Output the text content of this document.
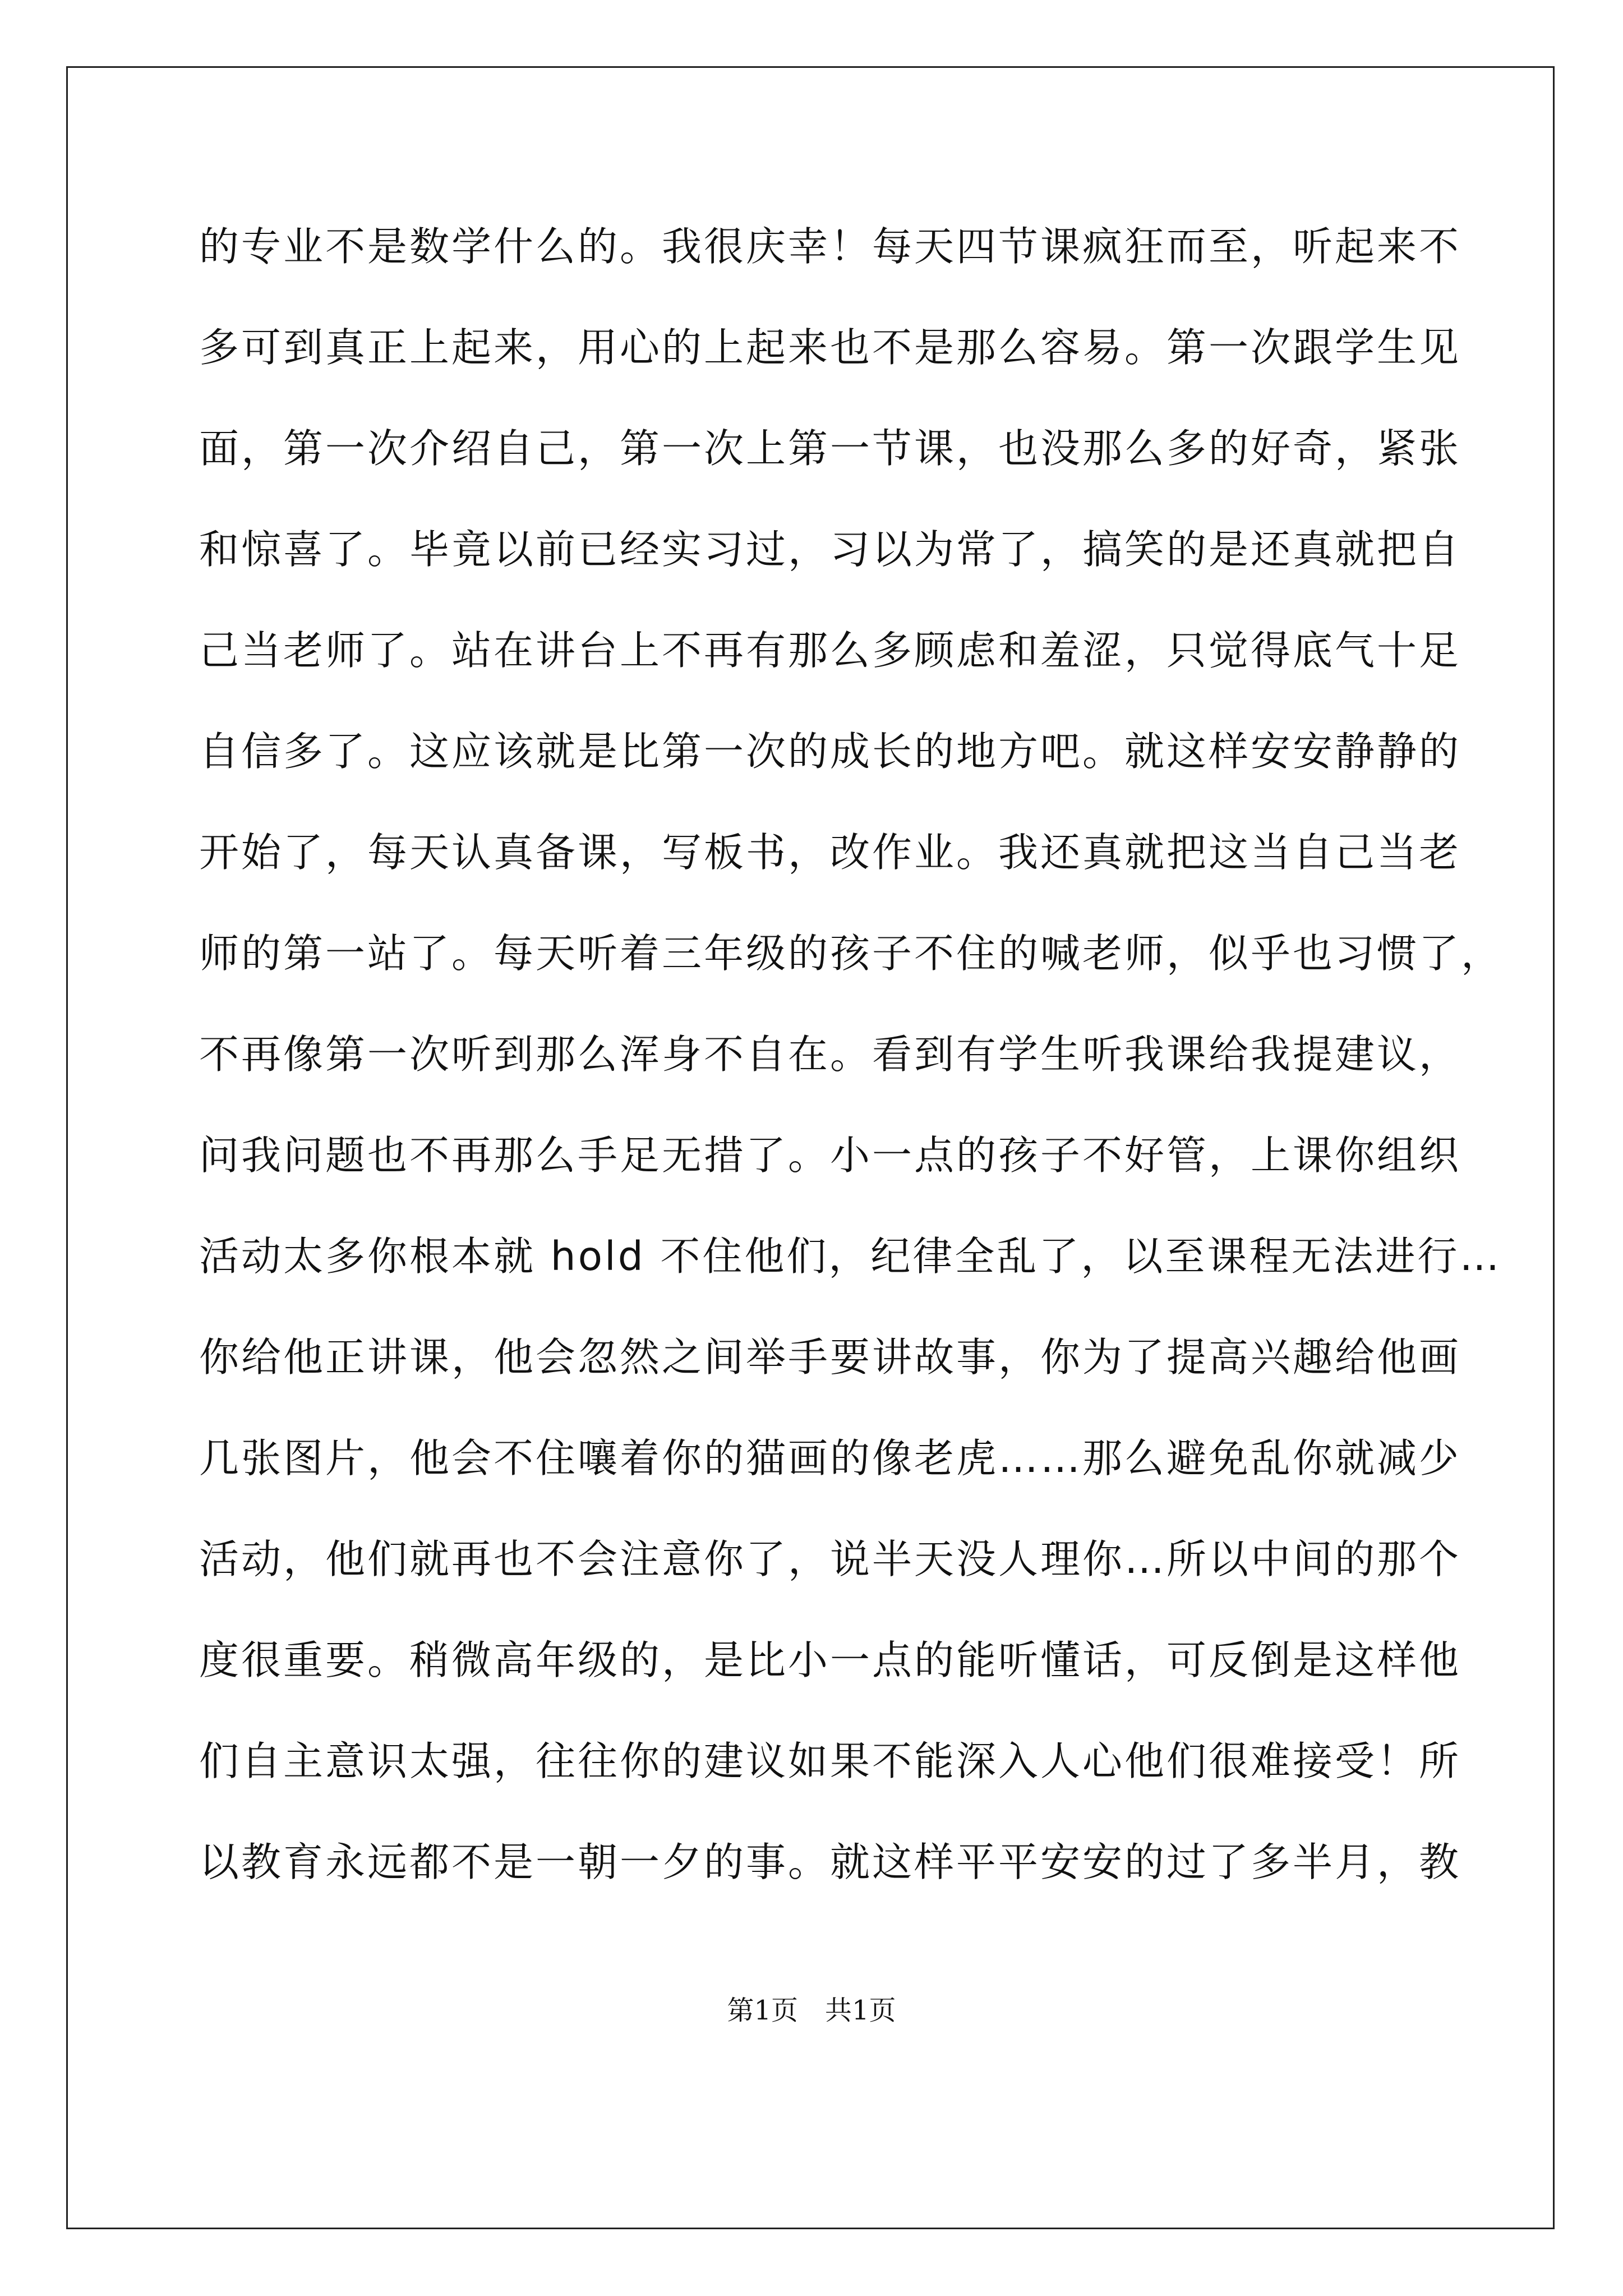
的专业不是数学什么的。我很庆幸！每天四节课疯狂而至，听起来不
多可到真正上起来，用心的上起来也不是那么容易。第一次跟学生见
面，第一次介绍自己，第一次上第一节课，也没那么多的好奇，紧张
和惊喜了。毕竟以前已经实习过，习以为常了，搞笑的是还真就把自
己当老师了。站在讲台上不再有那么多顾虑和羞涩，只觉得底气十足
自信多了。这应该就是比第一次的成长的地方吧。就这样安安静静的
开始了，每天认真备课，写板书，改作业。我还真就把这当自己当老
师的第一站了。每天听着三年级的孩子不住的喊老师，似乎也习惯了，
不再像第一次听到那么浑身不自在。看到有学生听我课给我提建议，
问我问题也不再那么手足无措了。小一点的孩子不好管，上课你组织
活动太多你根本就 hold 不住他们，纪律全乱了，以至课程无法进行…
你给他正讲课，他会忽然之间举手要讲故事，你为了提高兴趣给他画
几张图片，他会不住嚷着你的猫画的像老虎……那么避免乱你就减少
活动，他们就再也不会注意你了，说半天没人理你…所以中间的那个
度很重要。稍微高年级的，是比小一点的能听懂话，可反倒是这样他
们自主意识太强，往往你的建议如果不能深入人心他们很难接受！所
以教育永远都不是一朝一夕的事。就这样平平安安的过了多半月，教
第1页 共1页
